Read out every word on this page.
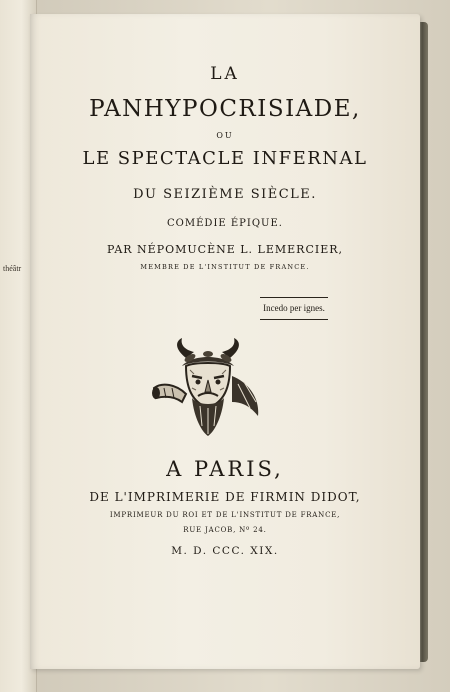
théâtr
LA
PANHYPOCRISIADE,
OU
LE SPECTACLE INFERNAL
DU SEIZIÈME SIÈCLE.
COMÉDIE ÉPIQUE.
PAR NÉPOMUCÈNE L. LEMERCIER,
MEMBRE DE L'INSTITUT DE FRANCE.
Incedo per ignes.
A PARIS,
DE L'IMPRIMERIE DE FIRMIN DIDOT,
IMPRIMEUR DU ROI ET DE L'INSTITUT DE FRANCE,
RUE JACOB, Nº 24.
M. D. CCC. XIX.
